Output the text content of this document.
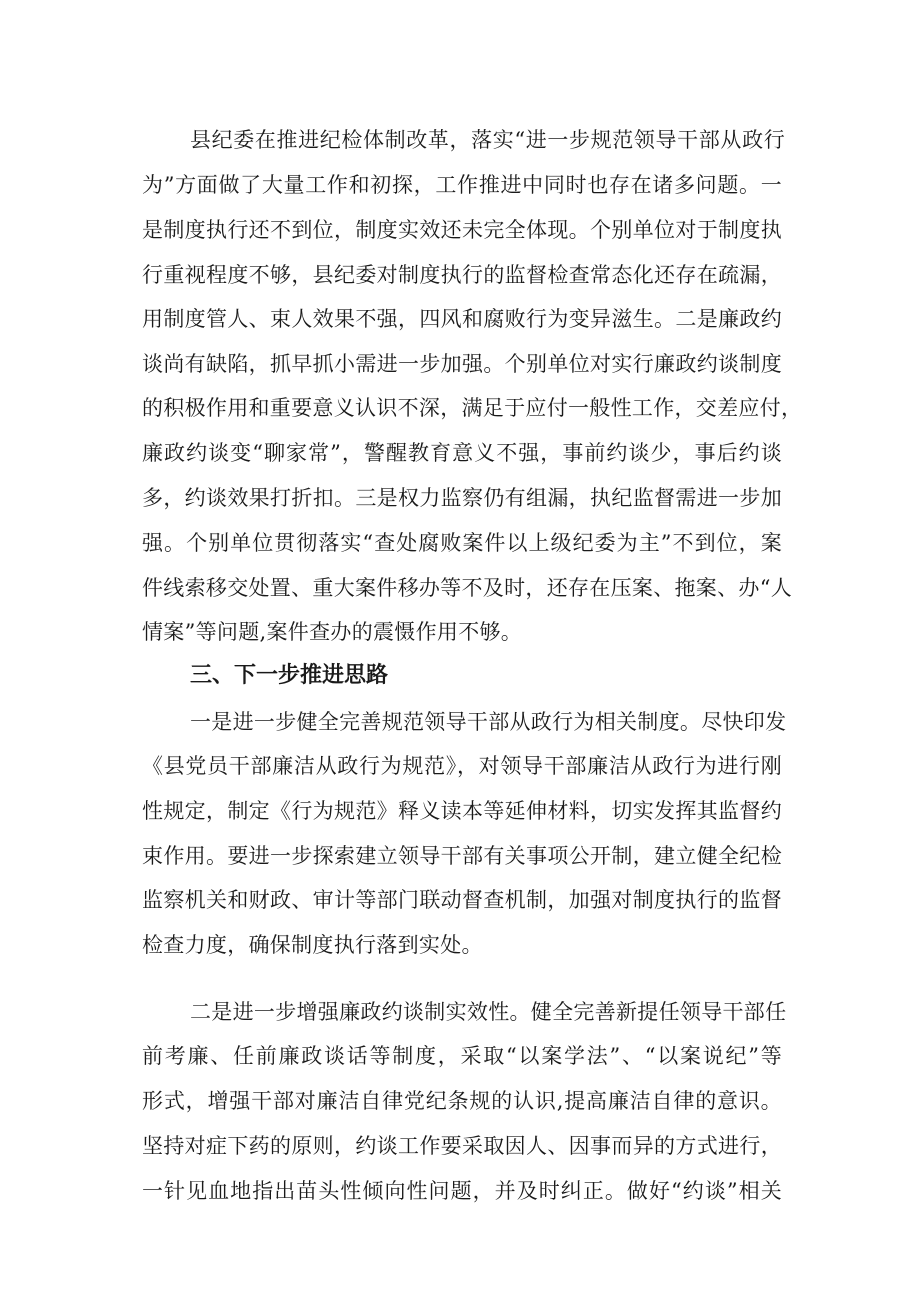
县纪委在推进纪检体制改革，落实“进一步规范领导干部从政行
为”方面做了大量工作和初探，工作推进中同时也存在诸多问题。一
是制度执行还不到位，制度实效还未完全体现。个别单位对于制度执
行重视程度不够，县纪委对制度执行的监督检查常态化还存在疏漏，
用制度管人、束人效果不强，四风和腐败行为变异滋生。二是廉政约
谈尚有缺陷，抓早抓小需进一步加强。个别单位对实行廉政约谈制度
的积极作用和重要意义认识不深，满足于应付一般性工作，交差应付，
廉政约谈变“聊家常”，警醒教育意义不强，事前约谈少，事后约谈
多，约谈效果打折扣。三是权力监察仍有组漏，执纪监督需进一步加
强。个别单位贯彻落实“查处腐败案件以上级纪委为主”不到位，案
件线索移交处置、重大案件移办等不及时，还存在压案、拖案、办“人
情案”等问题,案件查办的震慑作用不够。
三、下一步推进思路
一是进一步健全完善规范领导干部从政行为相关制度。尽快印发
《县党员干部廉洁从政行为规范》，对领导干部廉洁从政行为进行刚
性规定，制定《行为规范》释义读本等延伸材料，切实发挥其监督约
束作用。要进一步探索建立领导干部有关事项公开制，建立健全纪检
监察机关和财政、审计等部门联动督查机制，加强对制度执行的监督
检查力度，确保制度执行落到实处。
二是进一步增强廉政约谈制实效性。健全完善新提任领导干部任
前考廉、任前廉政谈话等制度，采取“以案学法”、“以案说纪”等
形式，增强干部对廉洁自律党纪条规的认识,提高廉洁自律的意识。
坚持对症下药的原则，约谈工作要采取因人、因事而异的方式进行，
一针见血地指出苗头性倾向性问题，并及时纠正。做好“约谈”相关
